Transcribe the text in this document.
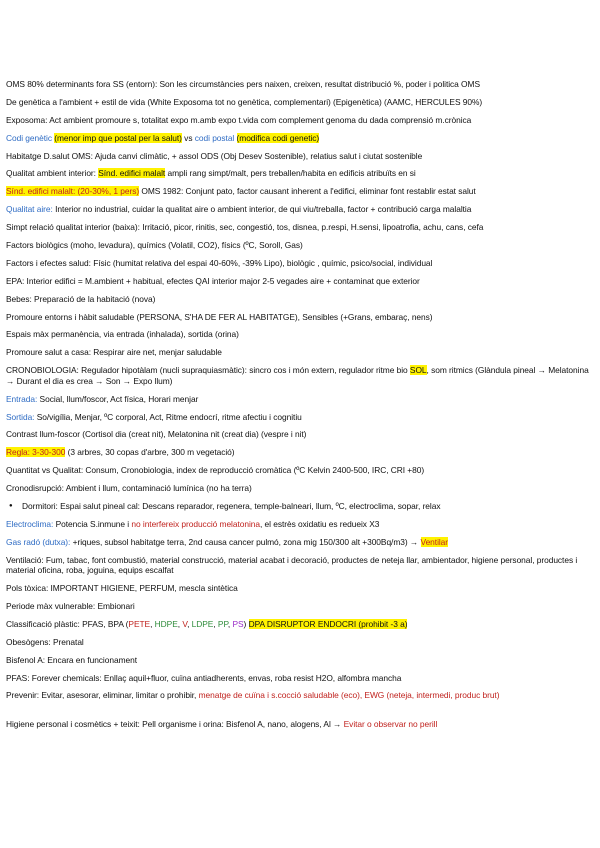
OMS 80% determinants fora SS (entorn): Son les circumstàncies pers naixen, creixen, resultat distribució %, poder i politica OMS
De genètica a l'ambient + estil de vida (White Exposoma tot no genètica, complementari) (Epigenètica) (AAMC, HERCULES 90%)
Exposoma: Act ambient promoure s, totalitat expo m.amb expo t.vida com complement genoma du dada comprensió m.crònica
Codi genètic (menor imp que postal per la salut) vs codi postal (modifica codi genetic)
Habitatge D.salut OMS: Ajuda canvi climàtic, + assol ODS (Obj Desev Sostenible), relatius salut i ciutat sostenible
Qualitat ambient interior: Sínd. edifici malalt ampli rang simpt/malt, pers treballen/habita en edificis atribuïts en si
Sínd. edifici malalt: (20-30%, 1 pers) OMS 1982: Conjunt pato, factor causant inherent a l'edifici, eliminar font restablir estat salut
Qualitat aire: Interior no industrial, cuidar la qualitat aire o ambient interior, de qui viu/treballa, factor + contribució carga malaltia
Simpt relació qualitat interior (baixa): Irritació, picor, rinitis, sec, congestió, tos, disnea, p.respi, H.sensi, lipoatrofia, achu, cans, cefa
Factors biològics (moho, levadura), químics (Volatil, CO2), físics (ºC, Soroll, Gas)
Factors i efectes salud: Físic (humitat relativa del espai 40-60%, -39% Lipo), biològic , químic, psico/social, individual
EPA: Interior edifici = M.ambient + habitual, efectes QAI interior major 2-5 vegades aire + contaminat que exterior
Bebes: Preparació de la habitació (nova)
Promoure entorns i hàbit saludable (PERSONA, S'HA DE FER AL HABITATGE), Sensibles (+Grans, embaraç, nens)
Espais màx permanència, via entrada (inhalada), sortida (orina)
Promoure salut a casa: Respirar aire net, menjar saludable
CRONOBIOLOGIA: Regulador hipotàlam (nucli supraquiasmàtic): sincro cos i món extern, regulador ritme bio SOL, som ritmics (Glàndula pineal → Melatonina → Durant el dia es crea → Son → Expo llum)
Entrada: Social, llum/foscor, Act física, Horari menjar
Sortida: So/vigília, Menjar, ºC corporal, Act, Ritme endocrí, ritme afectiu i cognitiu
Contrast llum-foscor (Cortisol dia (creat nit), Melatonina nit (creat dia) (vespre i nit)
Regla: 3-30-300 (3 arbres, 30 copas d'arbre, 300 m vegetació)
Quantitat vs Qualitat: Consum, Cronobiologia, index de reproducció cromàtica (ºC Kelvin 2400-500, IRC, CRI +80)
Cronodisrupció: Ambient i llum, contaminació lumínica (no ha terra)
● Dormitori: Espai salut pineal cal: Descans reparador, regenera, temple-balneari, llum, ºC, electroclima, sopar, relax
Electroclima: Potencia S.inmune i no interfereix producció melatonina, el estrès oxidatiu es redueix X3
Gas radó (dutxa): +riques, subsol habitatge terra, 2nd causa cancer pulmó, zona mig 150/300 alt +300Bq/m3) → Ventilar
Ventilació: Fum, tabac, font combustió, material construcció, material acabat i decoració, productes de neteja llar, ambientador, higiene personal, productes i material oficina, roba, joguina, equips escalfat
Pols tòxica: IMPORTANT HIGIENE, PERFUM, mescla sintètica
Periode màx vulnerable: Embionari
Classificació plàstic: PFAS, BPA (PETE, HDPE, V, LDPE, PP, PS) DPA DISRUPTOR ENDOCRI (prohibit -3 a)
Obesògens: Prenatal
Bisfenol A: Encara en funcionament
PFAS: Forever chemicals: Enllaç aquil+fluor, cuïna antiadherents, envas, roba resist H2O, alfombra mancha
Prevenir: Evitar, asesorar, eliminar, limitar o prohibir, menatge de cuïna i s.cocció saludable (eco), EWG (neteja, intermedi, produc brut)
Higiene personal i cosmètics + teixit: Pell organisme i orina: Bisfenol A, nano, alogens, Al → Evitar o observar no perill
